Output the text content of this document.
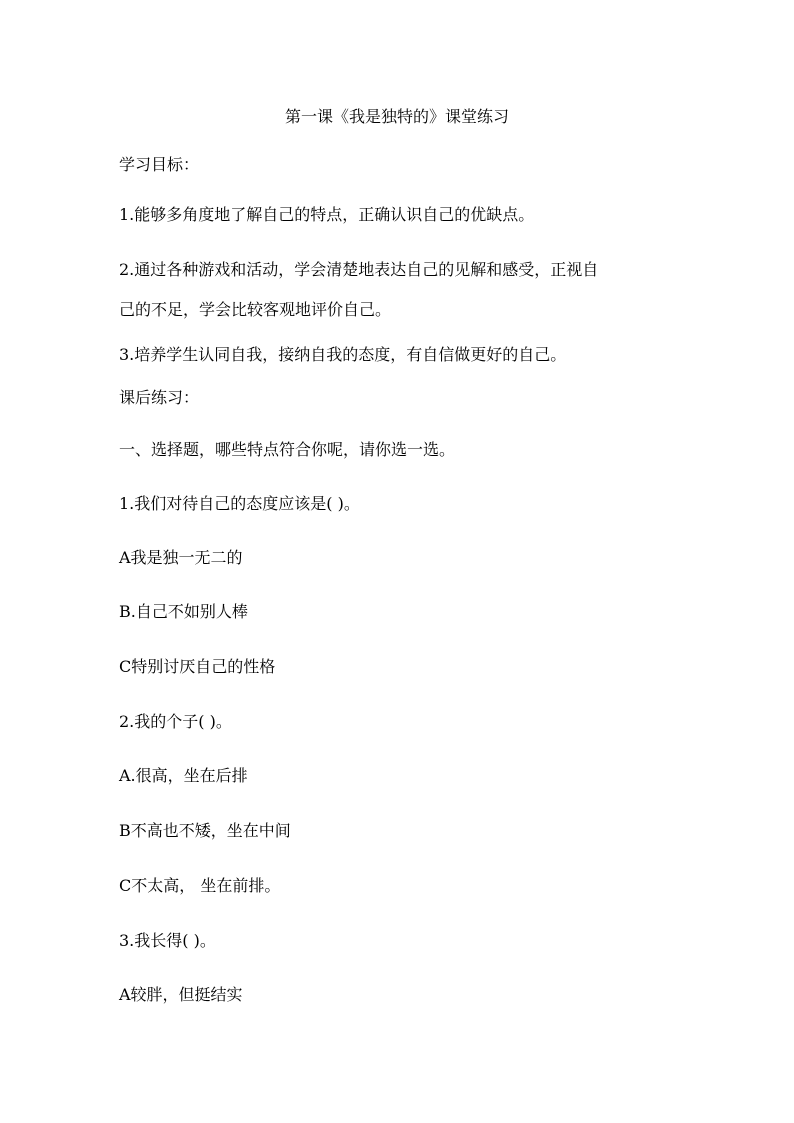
第一课《我是独特的》课堂练习
学习目标：
1.能够多角度地了解自己的特点，正确认识自己的优缺点。
2.通过各种游戏和活动，学会清楚地表达自己的见解和感受，正视自
己的不足，学会比较客观地评价自己。
3.培养学生认同自我，接纳自我的态度，有自信做更好的自己。
课后练习：
一、选择题，哪些特点符合你呢，请你选一选。
1.我们对待自己的态度应该是( )。
A我是独一无二的
B.自己不如别人棒
C特别讨厌自己的性格
2.我的个子( )。
A.很高，坐在后排
B不高也不矮，坐在中间
C不太高， 坐在前排。
3.我长得( )。
A较胖，但挺结实
